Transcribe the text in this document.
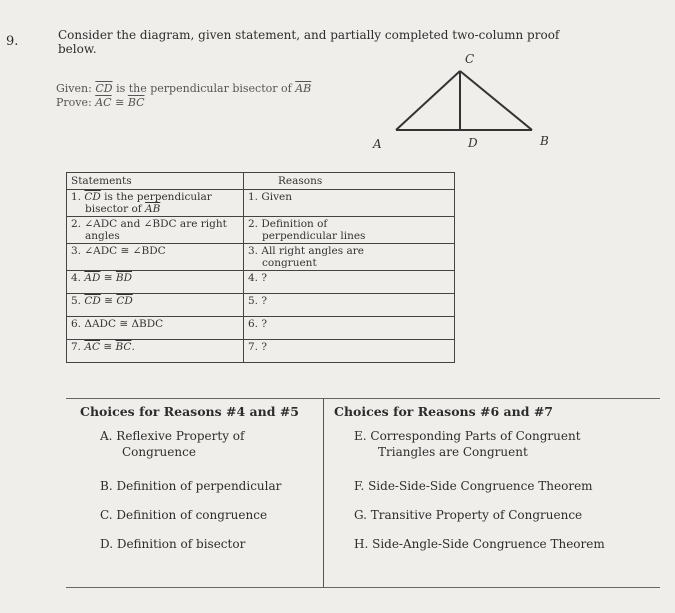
9.	Consider the diagram, given statement, and partially completed two-column proof
below.
Given: $\overline{CD}$ is the perpendicular bisector of $\overline{AB}$
Prove: $\overline{AC}$ ≅ $\overline{BC}$
C
A	D	B
Statements	Reasons
1. $\overline{CD}$ is the perpendicular
bisector of $\overline{AB}$	1. Given
2. ∠ADC and ∠BDC are right
angles	2. Definition of
perpendicular lines

3. ∠ADC ≅ ∠BDC	3. All right angles are
congruent

4. $\overline{AD}$ ≅ $\overline{BD}$	4. ?
5. $\overline{CD}$ ≅ $\overline{CD}$	5. ?
6. ΔADC ≅ ΔBDC	6. ?
7. $\overline{AC}$ ≅ $\overline{BC}$.	7. ?
Choices for Reasons #4 and #5	Choices for Reasons #6 and #7
A. Reflexive Property of
Congruence
B. Definition of perpendicular
C. Definition of congruence
D. Definition of bisector
E. Corresponding Parts of Congruent
Triangles are Congruent
F. Side-Side-Side Congruence Theorem
G. Transitive Property of Congruence
H. Side-Angle-Side Congruence Theorem
